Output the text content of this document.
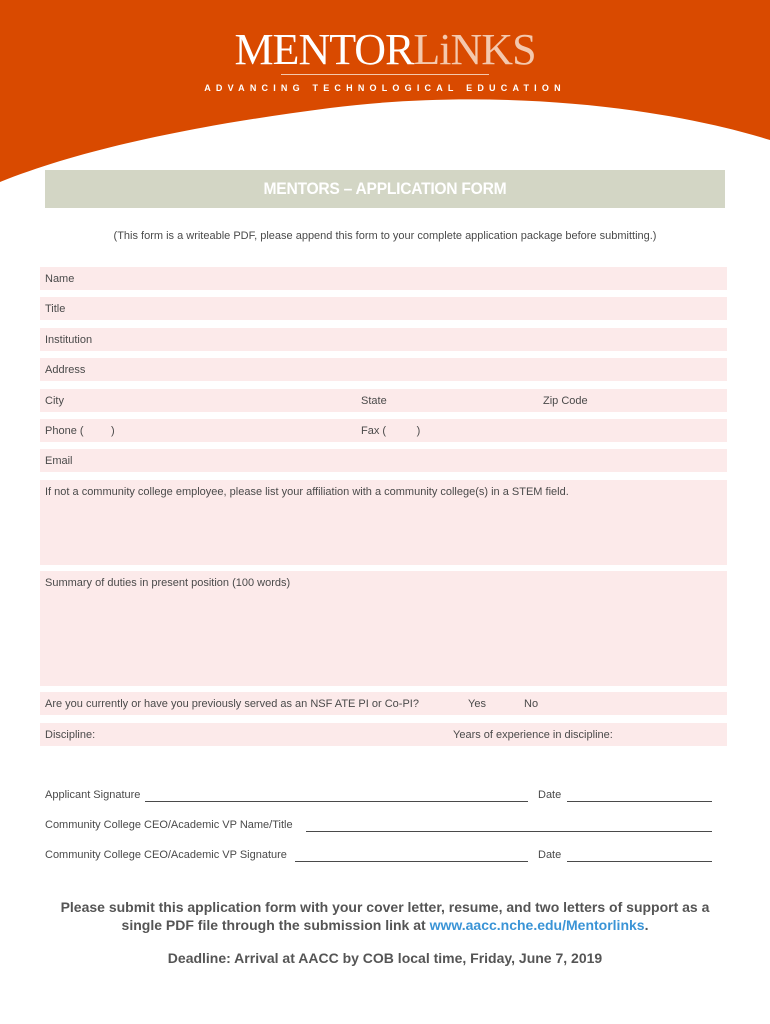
MENTORLiNKS
ADVANCING TECHNOLOGICAL EDUCATION
MENTORS – APPLICATION FORM
(This form is a writeable PDF, please append this form to your complete application package before submitting.)
Name
Title
Institution
Address
City	State	Zip Code
Phone (         )	Fax (          )
Email
If not a community college employee, please list your affiliation with a community college(s) in a STEM field.
Summary of duties in present position (100 words)
Are you currently or have you previously served as an NSF ATE PI or Co-PI?	Yes	No
Discipline:	Years of experience in discipline:
Applicant Signature	Date
Community College CEO/Academic VP Name/Title
Community College CEO/Academic VP Signature	Date
Please submit this application form with your cover letter, resume, and two letters of support as a single PDF file through the submission link at www.aacc.nche.edu/Mentorlinks.
Deadline: Arrival at AACC by COB local time, Friday, June 7, 2019
